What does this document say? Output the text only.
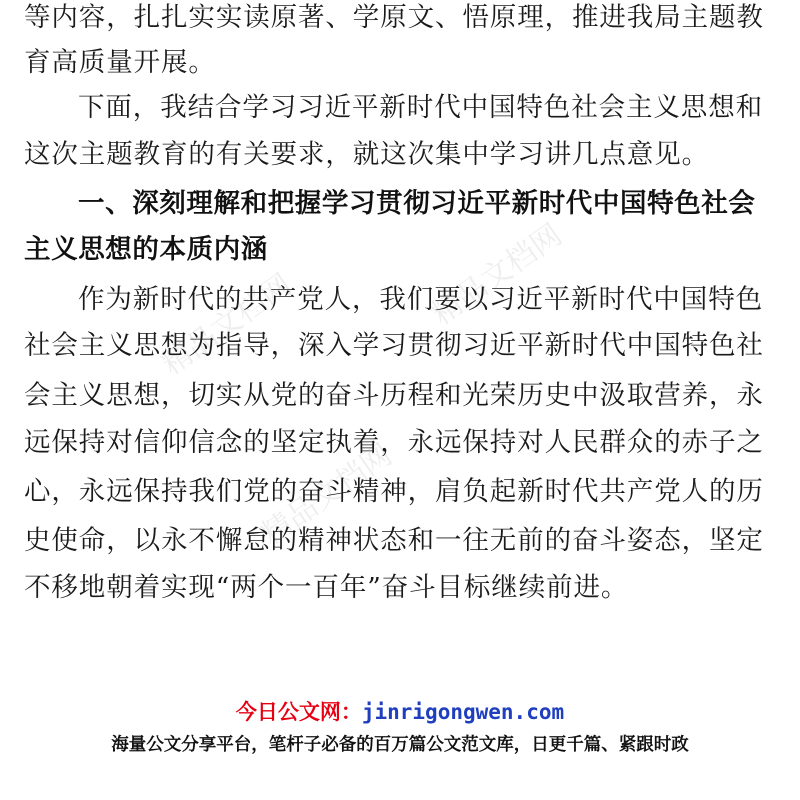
精品文档网	精品文档网
精品文档网
等内容，扎扎实实读原著、学原文、悟原理，推进我局主题教
育高质量开展。
下面，我结合学习习近平新时代中国特色社会主义思想和
这次主题教育的有关要求，就这次集中学习讲几点意见。
一、深刻理解和把握学习贯彻习近平新时代中国特色社会
主义思想的本质内涵
作为新时代的共产党人，我们要以习近平新时代中国特色
社会主义思想为指导，深入学习贯彻习近平新时代中国特色社
会主义思想，切实从党的奋斗历程和光荣历史中汲取营养，永
远保持对信仰信念的坚定执着，永远保持对人民群众的赤子之
心，永远保持我们党的奋斗精神，肩负起新时代共产党人的历
史使命，以永不懈怠的精神状态和一往无前的奋斗姿态，坚定
不移地朝着实现“两个一百年”奋斗目标继续前进。
今日公文网：jinrigongwen.com
海量公文分享平台，笔杆子必备的百万篇公文范文库，日更千篇、紧跟时政
